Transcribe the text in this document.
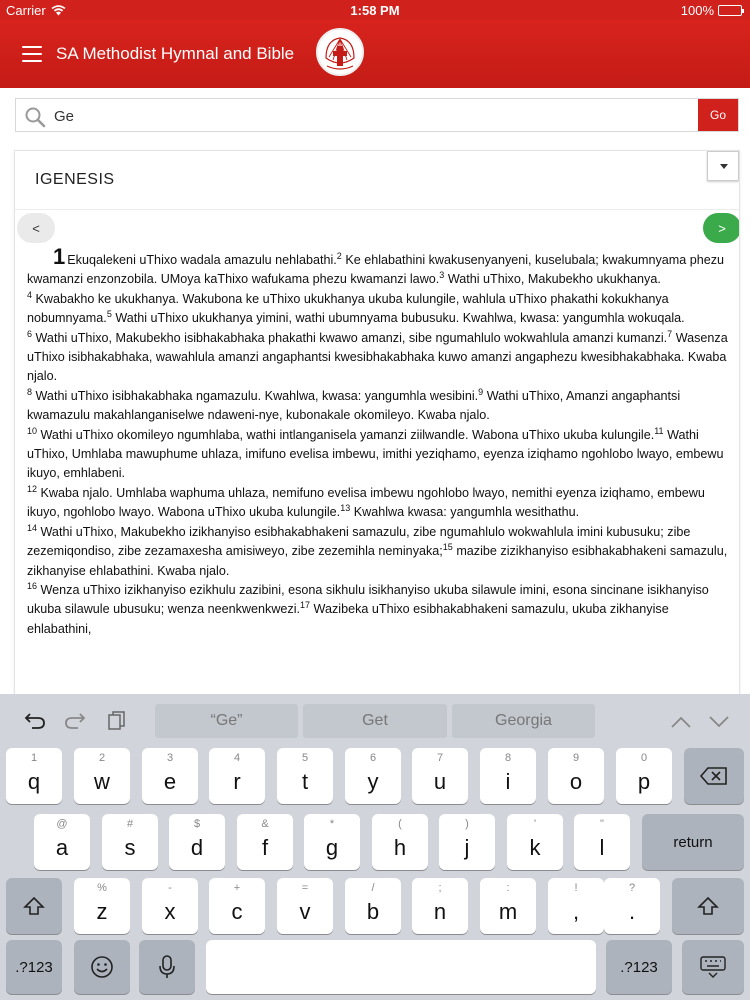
Carrier	1:58 PM	100%
SA Methodist Hymnal and Bible
Ge
Go
IGENESIS
<	>
1 Ekuqalekeni uThixo wadala amazulu nehlabathi.$^2$ Ke ehlabathini kwakusenyanyeni, kuselubala; kwakumnyama phezu kwamanzi enzonzobila. UMoya kaThixo wafukama phezu kwamanzi lawo.$^3$ Wathi uThixo, Makubekho ukukhanya.
$^4$ Kwabakho ke ukukhanya. Wakubona ke uThixo ukukhanya ukuba kulungile, wahlula uThixo phakathi kokukhanya nobumnyama.$^5$ Wathi uThixo ukukhanya yimini, wathi ubumnyama bubusuku. Kwahlwa, kwasa: yangumhla wokuqala.
$^6$ Wathi uThixo, Makubekho isibhakabhaka phakathi kwawo amanzi, sibe ngumahlulo wokwahlula amanzi kumanzi.$^7$ Wasenza uThixo isibhakabhaka, wawahlula amanzi angaphantsi kwesibhakabhaka kuwo amanzi angaphezu kwesibhakabhaka. Kwaba njalo.
$^8$ Wathi uThixo isibhakabhaka ngamazulu. Kwahlwa, kwasa: yangumhla wesibini.$^9$ Wathi uThixo, Amanzi angaphantsi kwamazulu makahlanganiselwe ndaweni-nye, kubonakale okomileyo. Kwaba njalo.
$^{10}$ Wathi uThixo okomileyo ngumhlaba, wathi intlanganisela yamanzi ziilwandle. Wabona uThixo ukuba kulungile.$^{11}$ Wathi uThixo, Umhlaba mawuphume uhlaza, imifuno evelisa imbewu, imithi yeziqhamo, eyenza iziqhamo ngohlobo lwayo, embewu ikuyo, emhlabeni.
$^{12}$ Kwaba njalo. Umhlaba waphuma uhlaza, nemifuno evelisa imbewu ngohlobo lwayo, nemithi eyenza iziqhamo, embewu ikuyo, ngohlobo lwayo. Wabona uThixo ukuba kulungile.$^{13}$ Kwahlwa kwasa: yangumhla wesithathu.
$^{14}$ Wathi uThixo, Makubekho izikhanyiso esibhakabhakeni samazulu, zibe ngumahlulo wokwahlula imini kubusuku; zibe zezemiqondiso, zibe zezamaxesha amisiweyo, zibe zezemihla neminyaka;$^{15}$ mazibe zizikhanyiso esibhakabhakeni samazulu, zikhanyise ehlabathini. Kwaba njalo.
$^{16}$ Wenza uThixo izikhanyiso ezikhulu zazibini, esona sikhulu isikhanyiso ukuba silawule imini, esona sincinane isikhanyiso ukuba silawule ubusuku; wenza neenkwenkwezi.$^{17}$ Wazibeka uThixo esibhakabhakeni samazulu, ukuba zikhanyise ehlabathini,
“Ge”	Get	Georgia
1
q
2
w
3
e
4
r
5
t
6
y
7
u
8
i
9
o
0
p
@
a
#
s
$
d
&
f
*
g
(
h
)
j
'
k
"
l	return
%
z
-
x
+
c
=
v
/
b
;
n
:
m
!
,
?
.
.?123	.?123
